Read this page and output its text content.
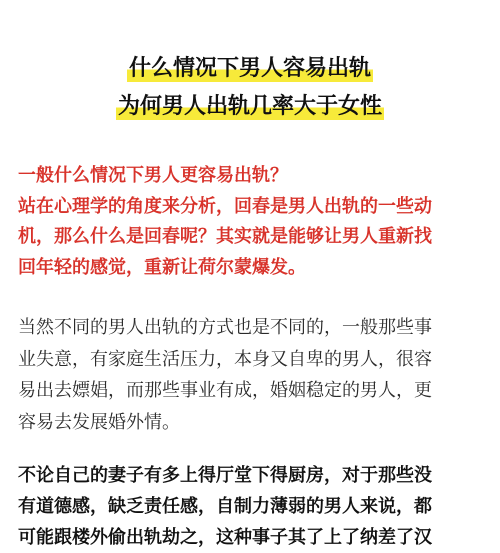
什么情况下男人容易出轨
为何男人出轨几率大于女性

一般什么情况下男人更容易出轨？
站在心理学的角度来分析，回春是男人出轨的一些动
机，那么什么是回春呢？其实就是能够让男人重新找
回年轻的感觉，重新让荷尔蒙爆发。

当然不同的男人出轨的方式也是不同的，一般那些事
业失意，有家庭生活压力，本身又自卑的男人，很容
易出去嫖娼，而那些事业有成，婚姻稳定的男人，更
容易去发展婚外情。

不论自己的妻子有多上得厅堂下得厨房，对于那些没
有道德感，缺乏责任感，自制力薄弱的男人来说，都
可能跟楼外偷出轨劫之，这种事子其了上了纳差了汉
